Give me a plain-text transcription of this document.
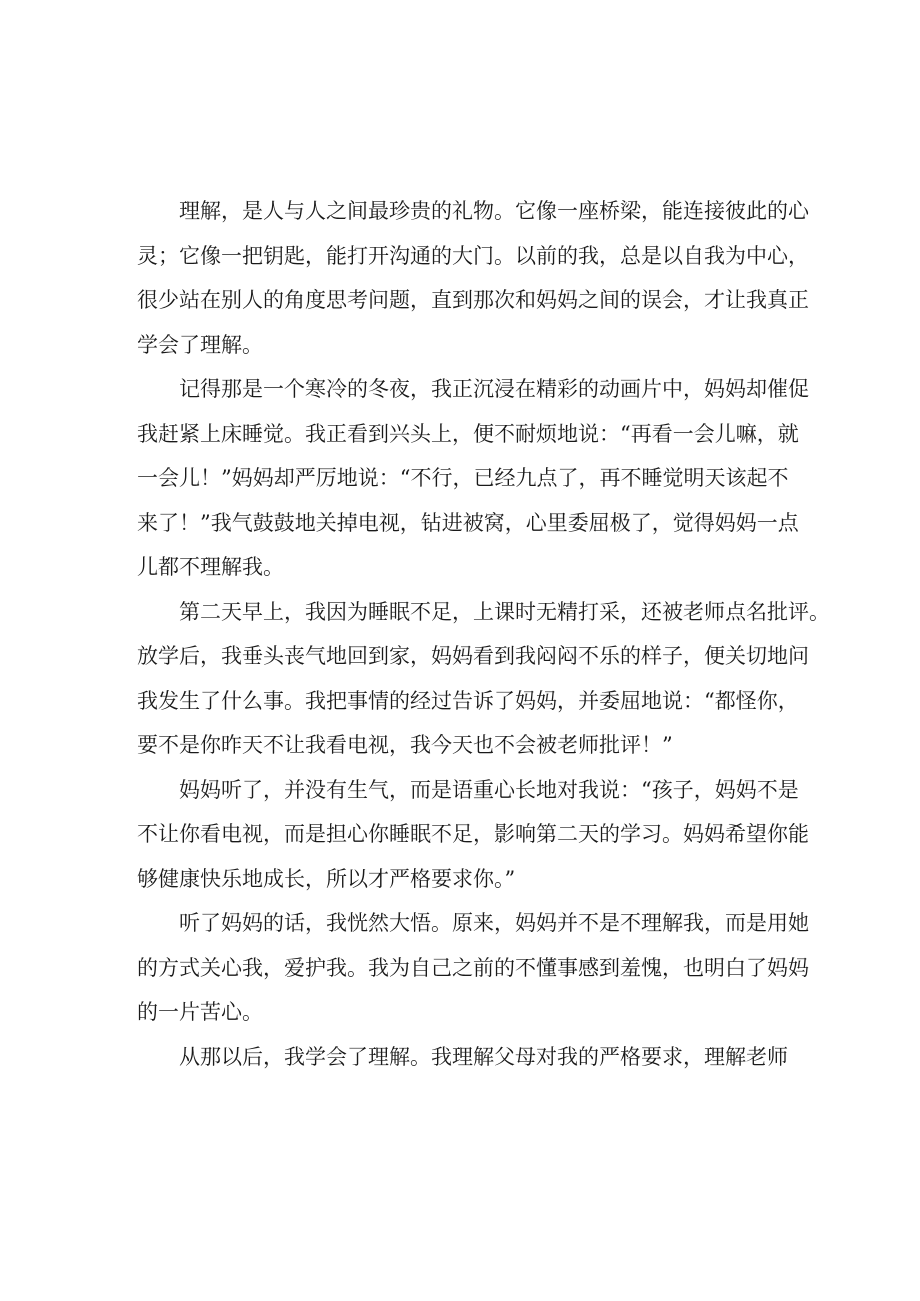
理解，是人与人之间最珍贵的礼物。它像一座桥梁，能连接彼此的心
灵；它像一把钥匙，能打开沟通的大门。以前的我，总是以自我为中心，
很少站在别人的角度思考问题，直到那次和妈妈之间的误会，才让我真正
学会了理解。
记得那是一个寒冷的冬夜，我正沉浸在精彩的动画片中，妈妈却催促
我赶紧上床睡觉。我正看到兴头上，便不耐烦地说：“再看一会儿嘛，就
一会儿！”妈妈却严厉地说：“不行，已经九点了，再不睡觉明天该起不
来了！”我气鼓鼓地关掉电视，钻进被窝，心里委屈极了，觉得妈妈一点
儿都不理解我。
第二天早上，我因为睡眠不足，上课时无精打采，还被老师点名批评。
放学后，我垂头丧气地回到家，妈妈看到我闷闷不乐的样子，便关切地问
我发生了什么事。我把事情的经过告诉了妈妈，并委屈地说：“都怪你，
要不是你昨天不让我看电视，我今天也不会被老师批评！”
妈妈听了，并没有生气，而是语重心长地对我说：“孩子，妈妈不是
不让你看电视，而是担心你睡眠不足，影响第二天的学习。妈妈希望你能
够健康快乐地成长，所以才严格要求你。”
听了妈妈的话，我恍然大悟。原来，妈妈并不是不理解我，而是用她
的方式关心我，爱护我。我为自己之前的不懂事感到羞愧，也明白了妈妈
的一片苦心。
从那以后，我学会了理解。我理解父母对我的严格要求，理解老师
